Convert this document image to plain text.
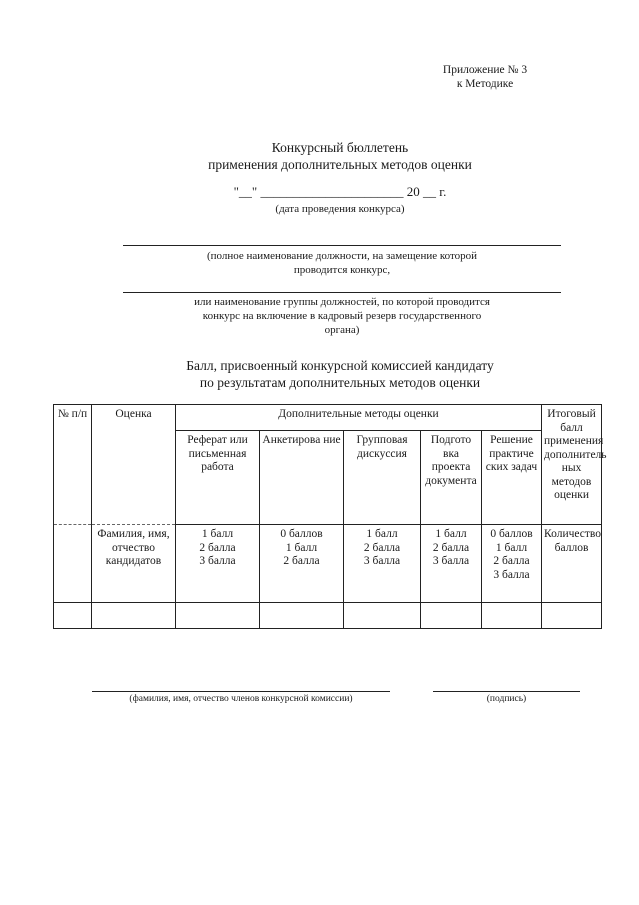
Приложение № 3
к Методике
Конкурсный бюллетень
применения дополнительных методов оценки
"__" ______________________ 20 __ г.
(дата проведения конкурса)
(полное наименование должности, на замещение которой
проводится конкурс,
или наименование группы должностей, по которой проводится
конкурс на включение в кадровый резерв государственного
органа)
Балл, присвоенный конкурсной комиссией кандидату
по результатам дополнительных методов оценки
№ п/п	Оценка	Дополнительные методы оценки					Итоговый балл применения дополнитель ных методов оценки
		Реферат или письменная работа	Анкетирова ние	Групповая дискуссия	Подгото вка проекта документа	Решение практиче ских задач	
	Фамилия, имя, отчество кандидатов	1 балл
2 балла
3 балла	0 баллов
1 балл
2 балла	1 балл
2 балла
3 балла	1 балл
2 балла
3 балла	0 баллов
1 балл
2 балла
3 балла	Количество баллов

(фамилия, имя, отчество членов конкурсной комиссии)	(подпись)
